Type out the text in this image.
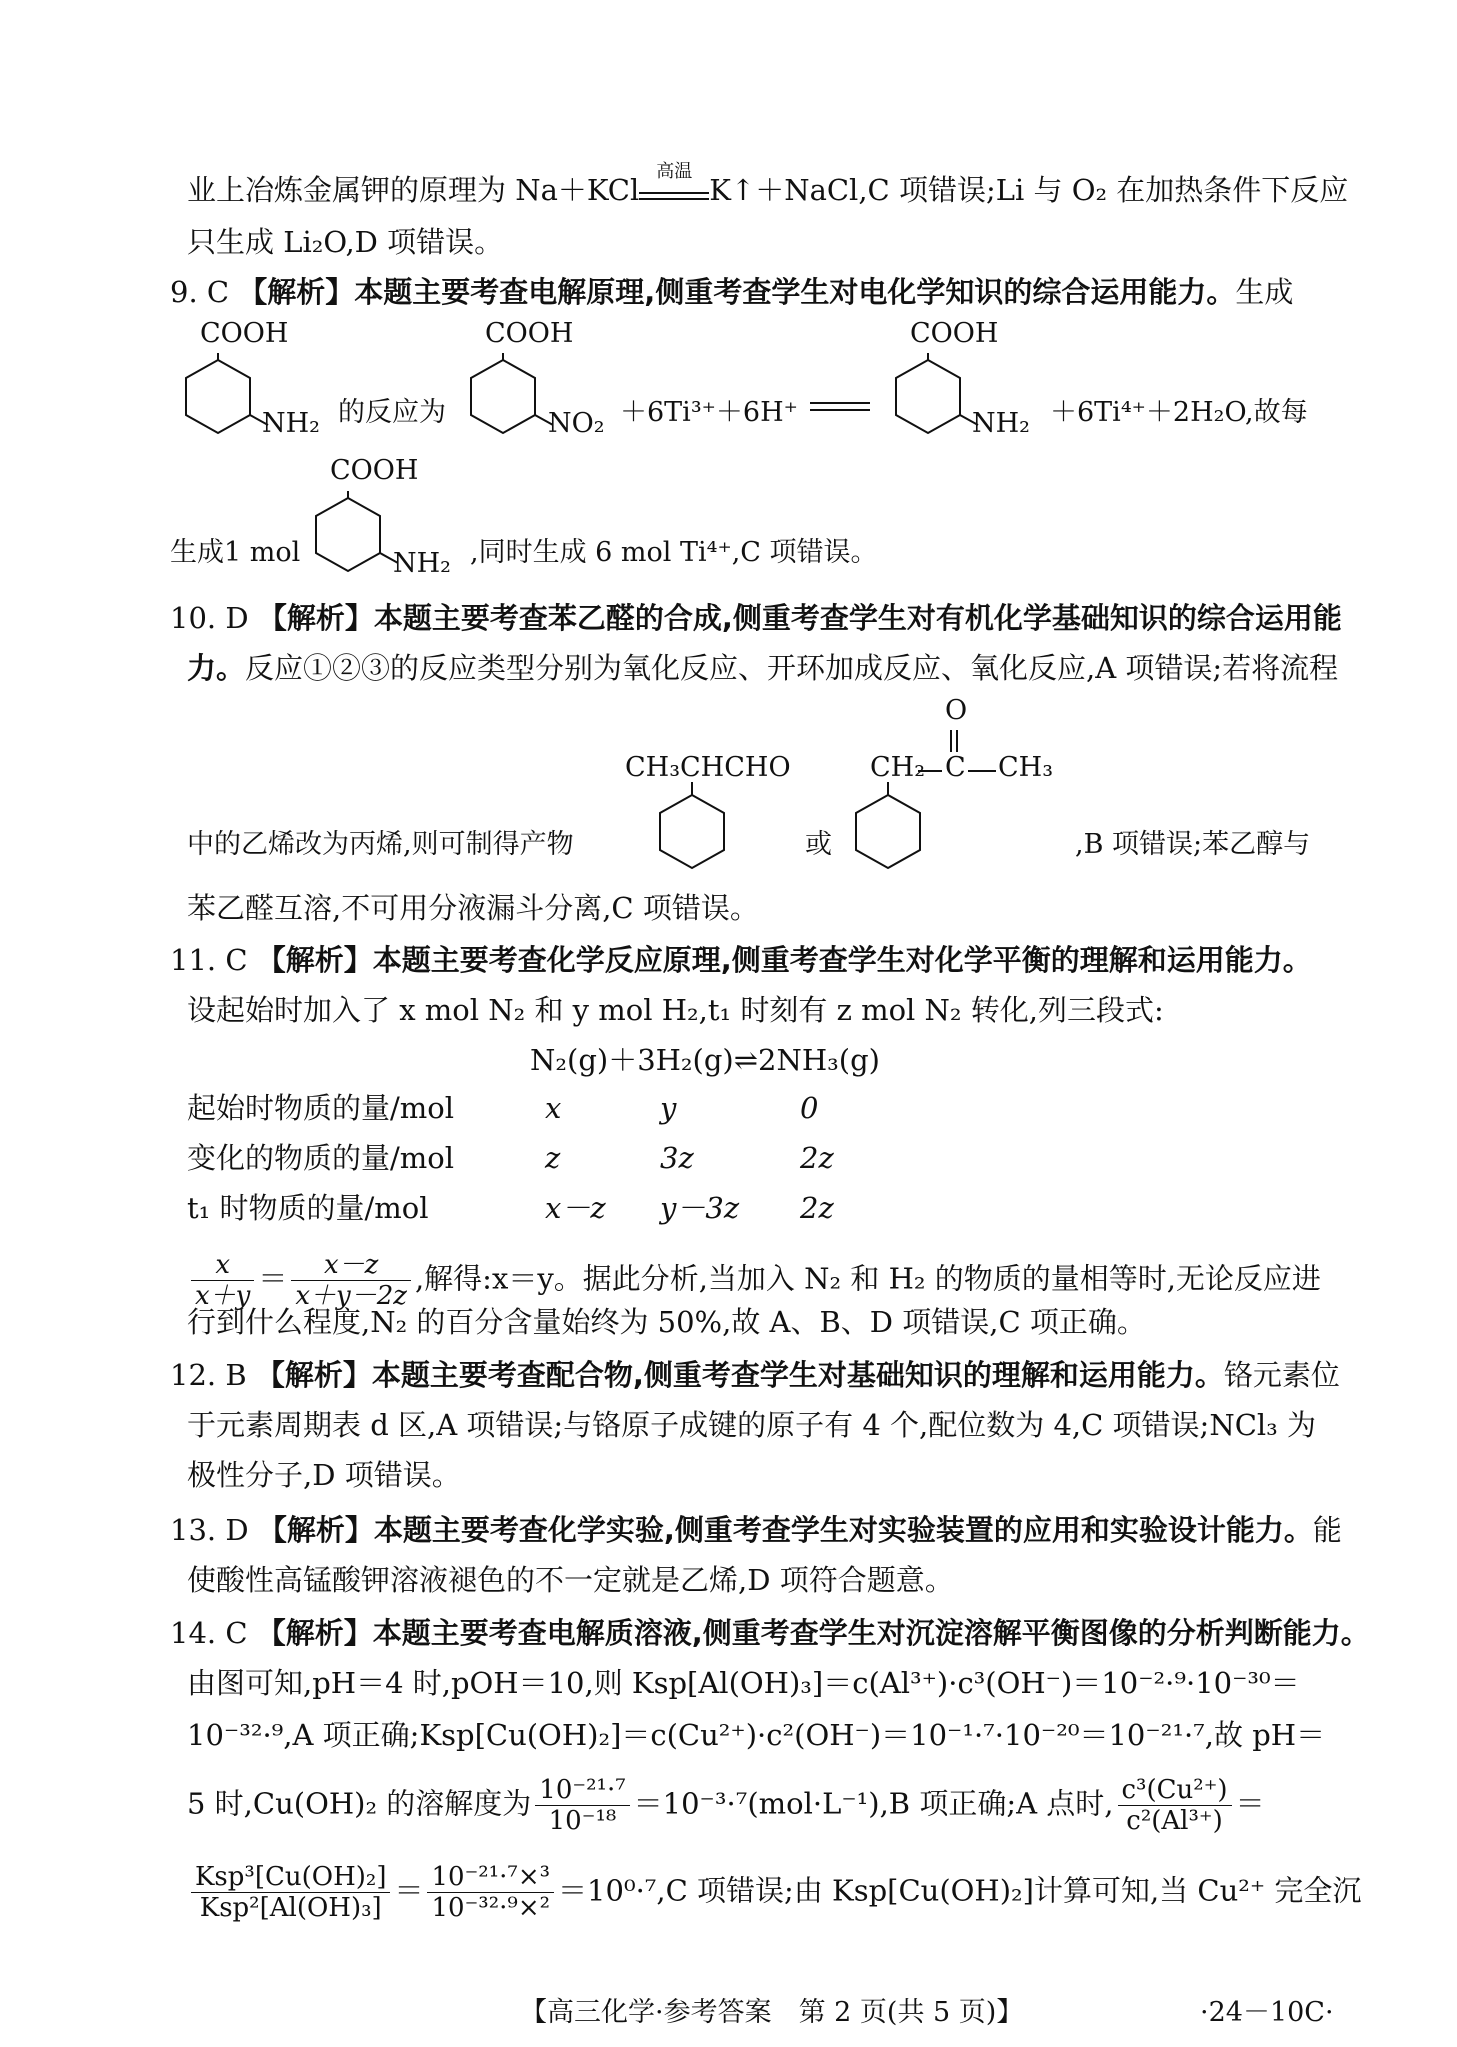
业上冶炼金属钾的原理为 Na＋KCl
高温
K↑＋NaCl,C 项错误;Li 与 O₂ 在加热条件下反应
只生成 Li₂O,D 项错误。
9. C 【解析】本题主要考查电解原理,侧重考查学生对电化学知识的综合运用能力。生成
COOH
NH₂ 的反应为
COOH
NO₂ ＋6Ti³⁺＋6H⁺
COOH
NH₂ ＋6Ti⁴⁺＋2H₂O,故每
COOH
生成1 mol	NH₂ ,同时生成 6 mol Ti⁴⁺,C 项错误。
10. D 【解析】本题主要考查苯乙醛的合成,侧重考查学生对有机化学基础知识的综合运用能
力。反应①②③的反应类型分别为氧化反应、开环加成反应、氧化反应,A 项错误;若将流程
CH₃CHCHO
中的乙烯改为丙烯,则可制得产物	或
O
CH₂ C CH₃
,B 项错误;苯乙醇与
苯乙醛互溶,不可用分液漏斗分离,C 项错误。
11. C 【解析】本题主要考查化学反应原理,侧重考查学生对化学平衡的理解和运用能力。
设起始时加入了 x mol N₂ 和 y mol H₂,t₁ 时刻有 z mol N₂ 转化,列三段式:
N₂(g)＋3H₂(g)⇌2NH₃(g)
起始时物质的量/mol	x	y	0
变化的物质的量/mol	z	3z	2z
t₁ 时物质的量/mol	x－z y－3z 2z
$\frac{x}{x+y} = \frac{x-z}{x+y-2z}$ ,解得:x＝y。据此分析,当加入 N₂ 和 H₂ 的物质的量相等时,无论反应进
行到什么程度,N₂ 的百分含量始终为 50%,故 A、B、D 项错误,C 项正确。
12. B 【解析】本题主要考查配合物,侧重考查学生对基础知识的理解和运用能力。铬元素位
于元素周期表 d 区,A 项错误;与铬原子成键的原子有 4 个,配位数为 4,C 项错误;NCl₃ 为
极性分子,D 项错误。
13. D 【解析】本题主要考查化学实验,侧重考查学生对实验装置的应用和实验设计能力。能
使酸性高锰酸钾溶液褪色的不一定就是乙烯,D 项符合题意。
14. C 【解析】本题主要考查电解质溶液,侧重考查学生对沉淀溶解平衡图像的分析判断能力。
由图可知,pH＝4 时,pOH＝10,则 Ksp[Al(OH)₃]＝c(Al³⁺)·c³(OH⁻)＝10⁻²·⁹·10⁻³⁰＝
10⁻³²·⁹,A 项正确;Ksp[Cu(OH)₂]＝c(Cu²⁺)·c²(OH⁻)＝10⁻¹·⁷·10⁻²⁰＝10⁻²¹·⁷,故 pH＝
5 时,Cu(OH)₂ 的溶解度为 $\frac{\text{10⁻²¹·⁷}}{\text{10⁻¹⁸}} =10^{-3}\cdot^7(mol\cdot L^{-1}),B$ 项正确;A 点时, $\frac{\text{c³(Cu²⁺)}}{\text{c²(Al³⁺)}}$ ＝
$\frac{\text{Ksp³[Cu(OH)₂]}}{\text{Ksp²[Al(OH)₃]}} = \frac{\text{10⁻²¹·⁷×³}}{\text{10⁻³²·⁹×²}} =10^0\cdot^7,C$ 项错误;由 Ksp[Cu(OH)₂]计算可知,当 Cu²⁺ 完全沉
【高三化学·参考答案　第 2 页(共 5 页)】	·24－10C·
